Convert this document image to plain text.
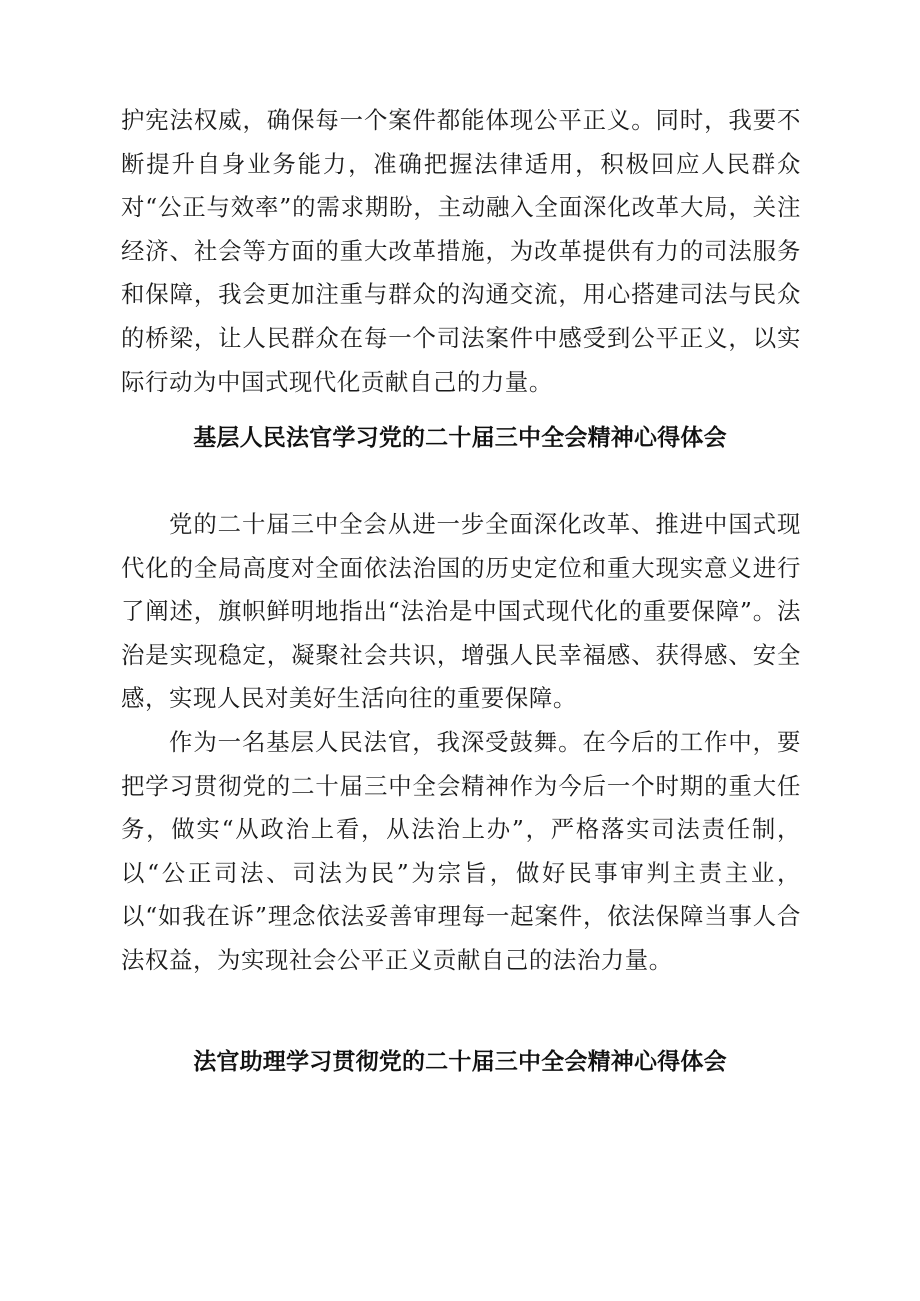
护宪法权威，确保每一个案件都能体现公平正义。同时，我要不断提升自身业务能力，准确把握法律适用，积极回应人民群众对“公正与效率”的需求期盼，主动融入全面深化改革大局，关注经济、社会等方面的重大改革措施，为改革提供有力的司法服务和保障，我会更加注重与群众的沟通交流，用心搭建司法与民众的桥梁，让人民群众在每一个司法案件中感受到公平正义，以实际行动为中国式现代化贡献自己的力量。

基层人民法官学习党的二十届三中全会精神心得体会

党的二十届三中全会从进一步全面深化改革、推进中国式现代化的全局高度对全面依法治国的历史定位和重大现实意义进行了阐述，旗帜鲜明地指出“法治是中国式现代化的重要保障”。法治是实现稳定，凝聚社会共识，增强人民幸福感、获得感、安全感，实现人民对美好生活向往的重要保障。

作为一名基层人民法官，我深受鼓舞。在今后的工作中，要把学习贯彻党的二十届三中全会精神作为今后一个时期的重大任务，做实“从政治上看，从法治上办”，严格落实司法责任制，以“公正司法、司法为民”为宗旨，做好民事审判主责主业，以“如我在诉”理念依法妥善审理每一起案件，依法保障当事人合法权益，为实现社会公平正义贡献自己的法治力量。

法官助理学习贯彻党的二十届三中全会精神心得体会
